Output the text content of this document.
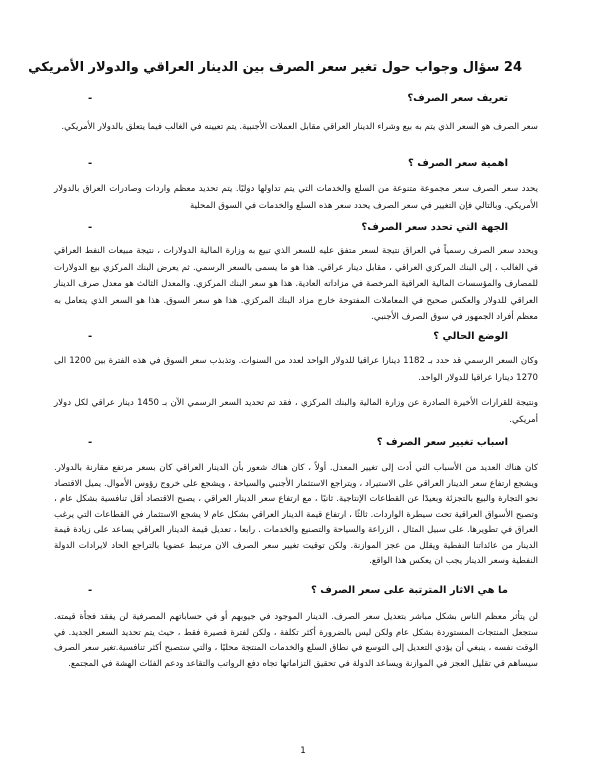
24 سؤال وجواب حول تغير سعر الصرف بين الدينار العراقي والدولار الأمريكي
-	تعريف سعر الصرف؟
سعر الصرف هو السعر الذي يتم به بيع وشراء الدينار العراقي مقابل العملات الأجنبية. يتم تعيينه في الغالب فيما يتعلق بالدولار الأمريكي.
-	اهمية سعر الصرف ؟
يحدد سعر الصرف سعر مجموعة متنوعة من السلع والخدمات التي يتم تداولها دوليًا. يتم تحديد معظم واردات وصادرات العراق بالدولار الأمريكي. وبالتالي فإن التغيير في سعر الصرف يحدد سعر هذه السلع والخدمات في السوق المحلية
-	الجهة التي تحدد سعر الصرف؟
ويحدد سعر الصرف رسمياً في العراق نتيجة لسعر متفق عليه للسعر الذي تبيع به وزارة المالية الدولارات ، نتيجة مبيعات النفط العراقي في الغالب ، إلى البنك المركزي العراقي ، مقابل دينار عراقي. هذا هو ما يسمى بالسعر الرسمي. ثم يعرض البنك المركزي بيع الدولارات للمصارف والمؤسسات المالية العراقية المرخصة في مزاداته العادية. هذا هو سعر البنك المركزي. والمعدل الثالث هو معدل صرف الدينار العراقي للدولار والعكس صحيح في المعاملات المفتوحة خارج مزاد البنك المركزي. هذا هو سعر السوق. هذا هو السعر الذي يتعامل به معظم أفراد الجمهور في سوق الصرف الأجنبي.
-	الوضع الحالي ؟
وكان السعر الرسمي قد حدد بـ 1182 دينارا عراقيا للدولار الواحد لعدد من السنوات. وتذبذب سعر السوق في هذه الفترة بين 1200 الى 1270 دينارا عراقيا للدولار الواحد.
ونتيجة للقرارات الأخيرة الصادرة عن وزارة المالية والبنك المركزي ، فقد تم تحديد السعر الرسمي الآن بـ 1450 دينار عراقي لكل دولار أمريكي.
-	اسباب تغيير سعر الصرف ؟
كان هناك العديد من الأسباب التي أدت إلى تغيير المعدل. أولاً ، كان هناك شعور بأن الدينار العراقي كان بسعر مرتفع مقارنة بالدولار. ويشجع ارتفاع سعر الدينار العراقي على الاستيراد ، ويتراجع الاستثمار الأجنبي والسياحة ، ويشجع على خروج رؤوس الأموال. يميل الاقتصاد نحو التجارة والبيع بالتجزئة وبعيدًا عن القطاعات الإنتاجية. ثانيًا ، مع ارتفاع سعر الدينار العراقي ، يصبح الاقتصاد أقل تنافسية بشكل عام ، وتصبح الأسواق العراقية تحت سيطرة الواردات. ثالثًا ، ارتفاع قيمة الدينار العراقي بشكل عام لا يشجع الاستثمار في القطاعات التي يرغب العراق في تطويرها. على سبيل المثال ، الزراعة والسياحة والتصنيع والخدمات . رابعا ، تعديل قيمة الدينار العراقي يساعد على زيادة قيمة الدينار من عائداتنا النفطية ويقلل من عجز الموازنة. ولكن توقيت تغيير سعر الصرف الان مرتبط عضويا بالتراجع الحاد لايرادات الدولة النفطية وسعر الدينار يجب ان يعكس هذا الواقع.
-	ما هي الاثار المترتبة على سعر الصرف ؟
لن يتأثر معظم الناس بشكل مباشر بتعديل سعر الصرف. الدينار الموجود في جيوبهم أو في حساباتهم المصرفية لن يفقد فجأة قيمته. ستجعل المنتجات المستوردة بشكل عام ولكن ليس بالضرورة أكثر تكلفة ، ولكن لفترة قصيرة فقط ، حيث يتم تحديد السعر الجديد. في الوقت نفسه ، ينبغي أن يؤدي التعديل إلى التوسع في نطاق السلع والخدمات المنتجة محليًا ، والتي ستصبح أكثر تنافسية.تغير سعر الصرف سيساهم في تقليل العجز في الموازنة ويساعد الدولة في تحقيق التزاماتها تجاه دفع الرواتب والتقاعد ودعم الفئات الهشة في المجتمع.
1
